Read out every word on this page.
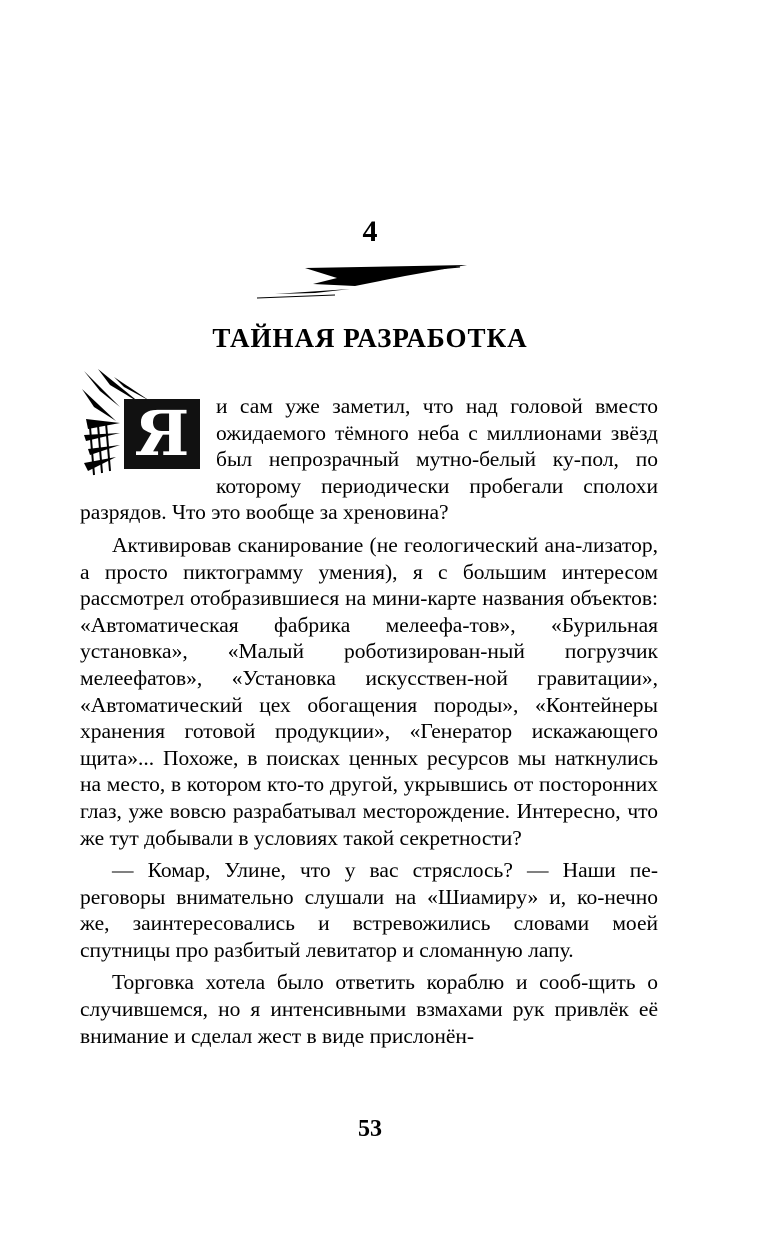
4
ТАЙНАЯ РАЗРАБОТКА
Я	и сам уже заметил, что над головой вместо ожидаемого тёмного неба с миллионами звёзд был непрозрачный мутно-белый ку-пол, по которому периодически пробегали сполохи разрядов. Что это вообще за хреновина?

Активировав сканирование (не геологический ана-лизатор, а просто пиктограмму умения), я с большим интересом рассмотрел отобразившиеся на мини-карте названия объектов: «Автоматическая фабрика мелеефа-тов», «Бурильная установка», «Малый роботизирован-ный погрузчик мелеефатов», «Установка искусствен-ной гравитации», «Автоматический цех обогащения породы», «Контейнеры хранения готовой продукции», «Генератор искажающего щита»... Похоже, в поисках ценных ресурсов мы наткнулись на место, в котором кто-то другой, укрывшись от посторонних глаз, уже вовсю разрабатывал месторождение. Интересно, что же тут добывали в условиях такой секретности?

— Комар, Улине, что у вас стряслось? — Наши пе-реговоры внимательно слушали на «Шиамиру» и, ко-нечно же, заинтересовались и встревожились словами моей спутницы про разбитый левитатор и сломанную лапу.

Торговка хотела было ответить кораблю и сооб-щить о случившемся, но я интенсивными взмахами рук привлёк её внимание и сделал жест в виде прислонён-

53
